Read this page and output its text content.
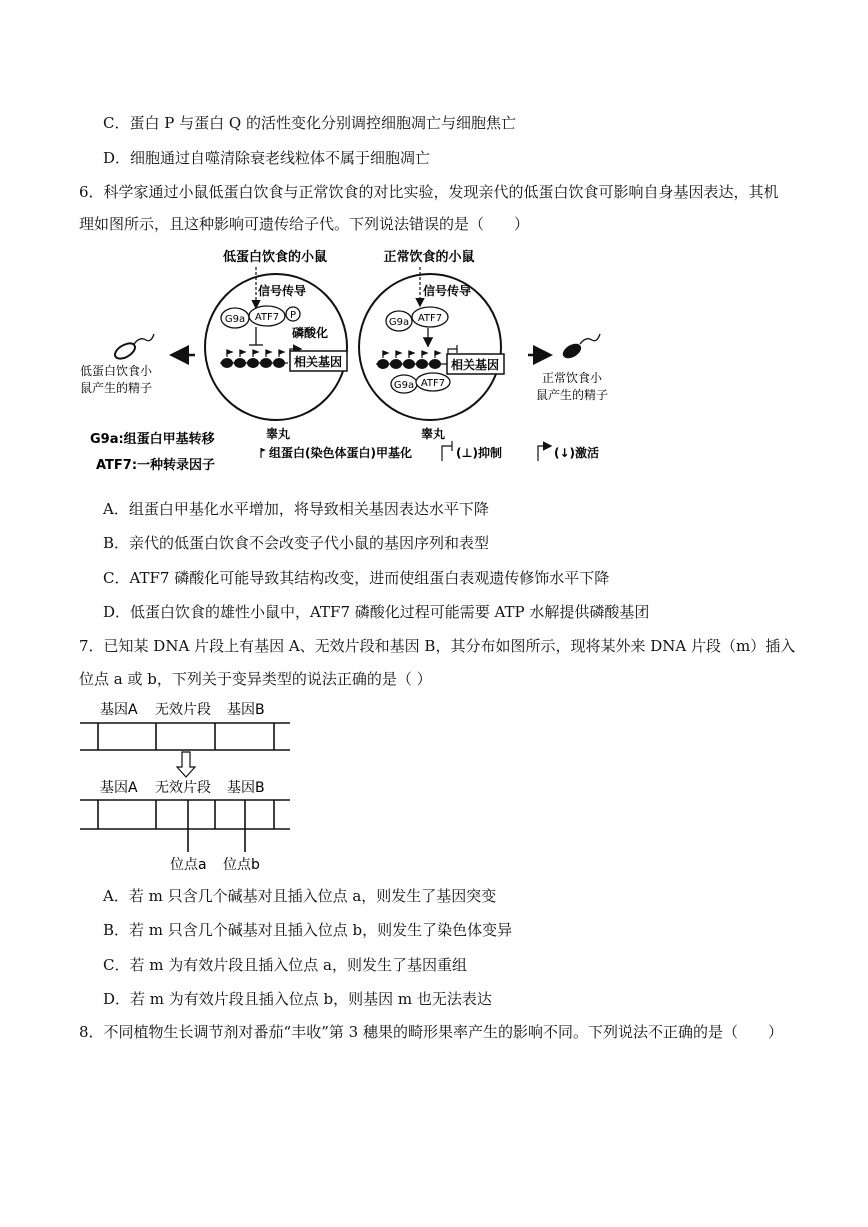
C．蛋白 P 与蛋白 Q 的活性变化分别调控细胞凋亡与细胞焦亡
D．细胞通过自噬清除衰老线粒体不属于细胞凋亡
6．科学家通过小鼠低蛋白饮食与正常饮食的对比实验，发现亲代的低蛋白饮食可影响自身基因表达，其机
理如图所示，且这种影响可遗传给子代。下列说法错误的是（　　）
低蛋白饮食的小鼠	正常饮食的小鼠
信号传导
G9a ATF7 P
磷酸化
相关基因
睾丸
低蛋白饮食小
鼠产生的精子
信号传导
G9a ATF7
相关基因
G9a ATF7
睾丸
正常饮食小
鼠产生的精子
G9a:组蛋白甲基转移
ATF7:一种转录因子
组蛋白(染色体蛋白)甲基化	(⊥)抑制	(↓)激活
A．组蛋白甲基化水平增加，将导致相关基因表达水平下降
B．亲代的低蛋白饮食不会改变子代小鼠的基因序列和表型
C．ATF7 磷酸化可能导致其结构改变，进而使组蛋白表观遗传修饰水平下降
D．低蛋白饮食的雄性小鼠中，ATF7 磷酸化过程可能需要 ATP 水解提供磷酸基团
7．已知某 DNA 片段上有基因 A、无效片段和基因 B，其分布如图所示，现将某外来 DNA 片段（m）插入
位点 a 或 b，下列关于变异类型的说法正确的是（ ）
基因A 无效片段 基因B
基因A 无效片段 基因B
位点a 位点b
A．若 m 只含几个碱基对且插入位点 a，则发生了基因突变
B．若 m 只含几个碱基对且插入位点 b，则发生了染色体变异
C．若 m 为有效片段且插入位点 a，则发生了基因重组
D．若 m 为有效片段且插入位点 b，则基因 m 也无法表达
8．不同植物生长调节剂对番茄“丰收”第 3 穗果的畸形果率产生的影响不同。下列说法不正确的是（　　）
